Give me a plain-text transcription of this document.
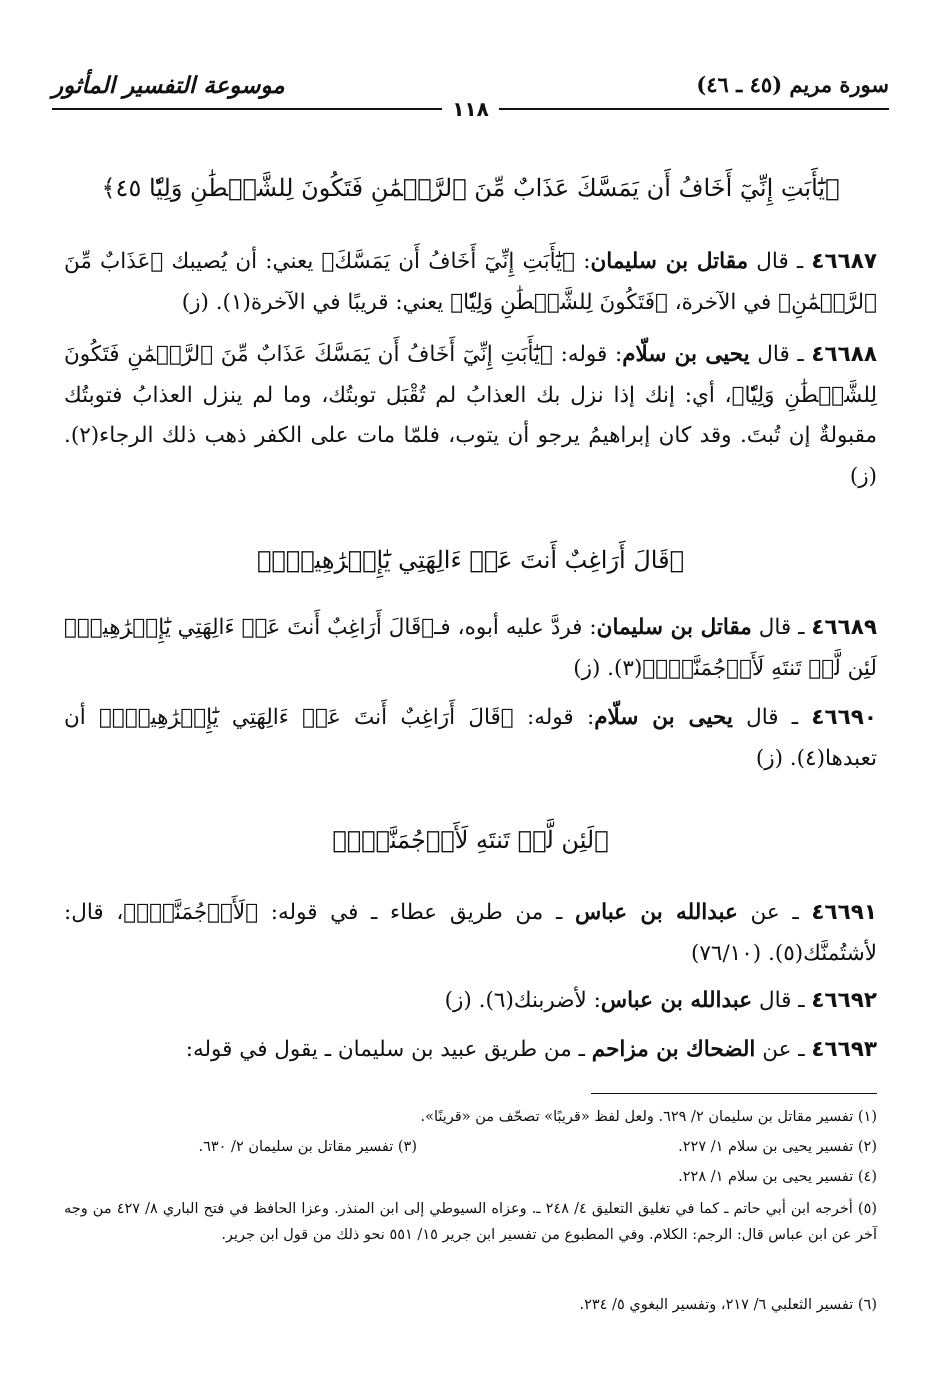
سورة مريم (٤٥ ـ ٤٦)
موسوعة التفسير المأثور
١١٨
﴿يَٰٓأَبَتِ إِنِّيٓ أَخَافُ أَن يَمَسَّكَ عَذَابٌ مِّنَ ٱلرَّحۡمَٰنِ فَتَكُونَ لِلشَّيۡطَٰنِ وَلِيّٗا ٤٥﴾
٤٦٦٨٧ ـ قال مقاتل بن سليمان: ﴿يَٰٓأَبَتِ إِنِّيٓ أَخَافُ أَن يَمَسَّكَ﴾ يعني: أن يُصيبك ﴿عَذَابٌ مِّنَ ٱلرَّحۡمَٰنِ﴾ في الآخرة، ﴿فَتَكُونَ لِلشَّيۡطَٰنِ وَلِيّٗا﴾ يعني: قريبًا في الآخرة(١). (ز)
٤٦٦٨٨ ـ قال يحيى بن سلّام: قوله: ﴿يَٰٓأَبَتِ إِنِّيٓ أَخَافُ أَن يَمَسَّكَ عَذَابٌ مِّنَ ٱلرَّحۡمَٰنِ فَتَكُونَ لِلشَّيۡطَٰنِ وَلِيّٗا﴾، أي: إنك إذا نزل بك العذابُ لم تُقْبَل توبتُك، وما لم ينزل العذابُ فتوبتُك مقبولةٌ إن تُبتَ. وقد كان إبراهيمُ يرجو أن يتوب، فلمّا مات على الكفر ذهب ذلك الرجاء(٢). (ز)
﴿قَالَ أَرَاغِبٌ أَنتَ عَنۡ ءَالِهَتِي يَٰٓإِبۡرَٰهِيمُۖ﴾
٤٦٦٨٩ ـ قال مقاتل بن سليمان: فردَّ عليه أبوه، فـ﴿قَالَ أَرَاغِبٌ أَنتَ عَنۡ ءَالِهَتِي يَٰٓإِبۡرَٰهِيمُۖ لَئِن لَّمۡ تَنتَهِ لَأَرۡجُمَنَّكَۖ﴾(٣). (ز)
٤٦٦٩٠ ـ قال يحيى بن سلّام: قوله: ﴿قَالَ أَرَاغِبٌ أَنتَ عَنۡ ءَالِهَتِي يَٰٓإِبۡرَٰهِيمُۖ﴾ أن تعبدها(٤). (ز)
﴿لَئِن لَّمۡ تَنتَهِ لَأَرۡجُمَنَّكَۖ﴾
٤٦٦٩١ ـ عن عبدالله بن عباس ـ من طريق عطاء ـ في قوله: ﴿لَأَرۡجُمَنَّكَۖ﴾، قال: لأشتُمنَّك(٥). (٧٦/١٠)
٤٦٦٩٢ ـ قال عبدالله بن عباس: لأضربنك(٦). (ز)
٤٦٦٩٣ ـ عن الضحاك بن مزاحم ـ من طريق عبيد بن سليمان ـ يقول في قوله:
(١) تفسير مقاتل بن سليمان ٢/ ٦٢٩. ولعل لفظ «قريبًا» تصحّف من «قرينًا».
(٢) تفسير يحيى بن سلام ١/ ٢٢٧.
(٣) تفسير مقاتل بن سليمان ٢/ ٦٣٠.
(٤) تفسير يحيى بن سلام ١/ ٢٢٨.
(٥) أخرجه ابن أبي حاتم ـ كما في تغليق التعليق ٤/ ٢٤٨ ـ. وعزاه السيوطي إلى ابن المنذر. وعزا الحافظ في فتح الباري ٨/ ٤٢٧ من وجه آخر عن ابن عباس قال: الرجم: الكلام. وفي المطبوع من تفسير ابن جرير ١٥/ ٥٥١ نحو ذلك من قول ابن جرير.
(٦) تفسير الثعلبي ٦/ ٢١٧، وتفسير البغوي ٥/ ٢٣٤.
